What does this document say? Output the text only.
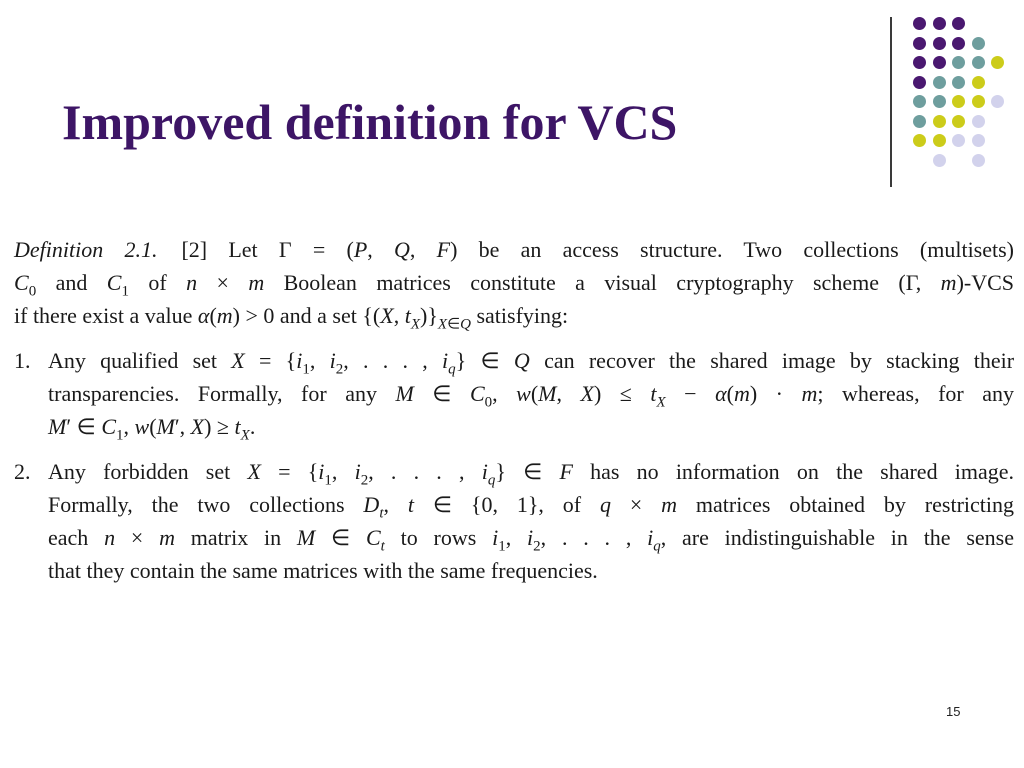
Improved definition for VCS
Definition 2.1. [2] Let Γ = (P, Q, F) be an access structure. Two collections (multisets)
$C_0$ and $C_1$ of n × m Boolean matrices constitute a visual cryptography scheme (Γ, m)-VCS
if there exist a value α(m) > 0 and a set {(X, $t_X)\}_{X\in Q}$ satisfying:
1. Any qualified set $X = \{i_1$, $i_2$, . . . , $i_q$} ∈ Q can recover the shared image by stacking their
transparencies. Formally, for any M ∈ $C_0$, w(M, $X) \le t_X - \alpha(m) \cdot m$; whereas, for any
M′ ∈ $C_1$, w(M′, $X) \ge t_X$.
2. Any forbidden set $X = \{i_1$, $i_2$, . . . , $i_q$} ∈ F has no information on the shared image.
Formally, the two collections $D_t$, t ∈ {0, 1}, of q × m matrices obtained by restricting
each n × m matrix in M ∈ $C_t$ to rows $i_1$, $i_2$, . . . , $i_q$, are indistinguishable in the sense
that they contain the same matrices with the same frequencies.
15
